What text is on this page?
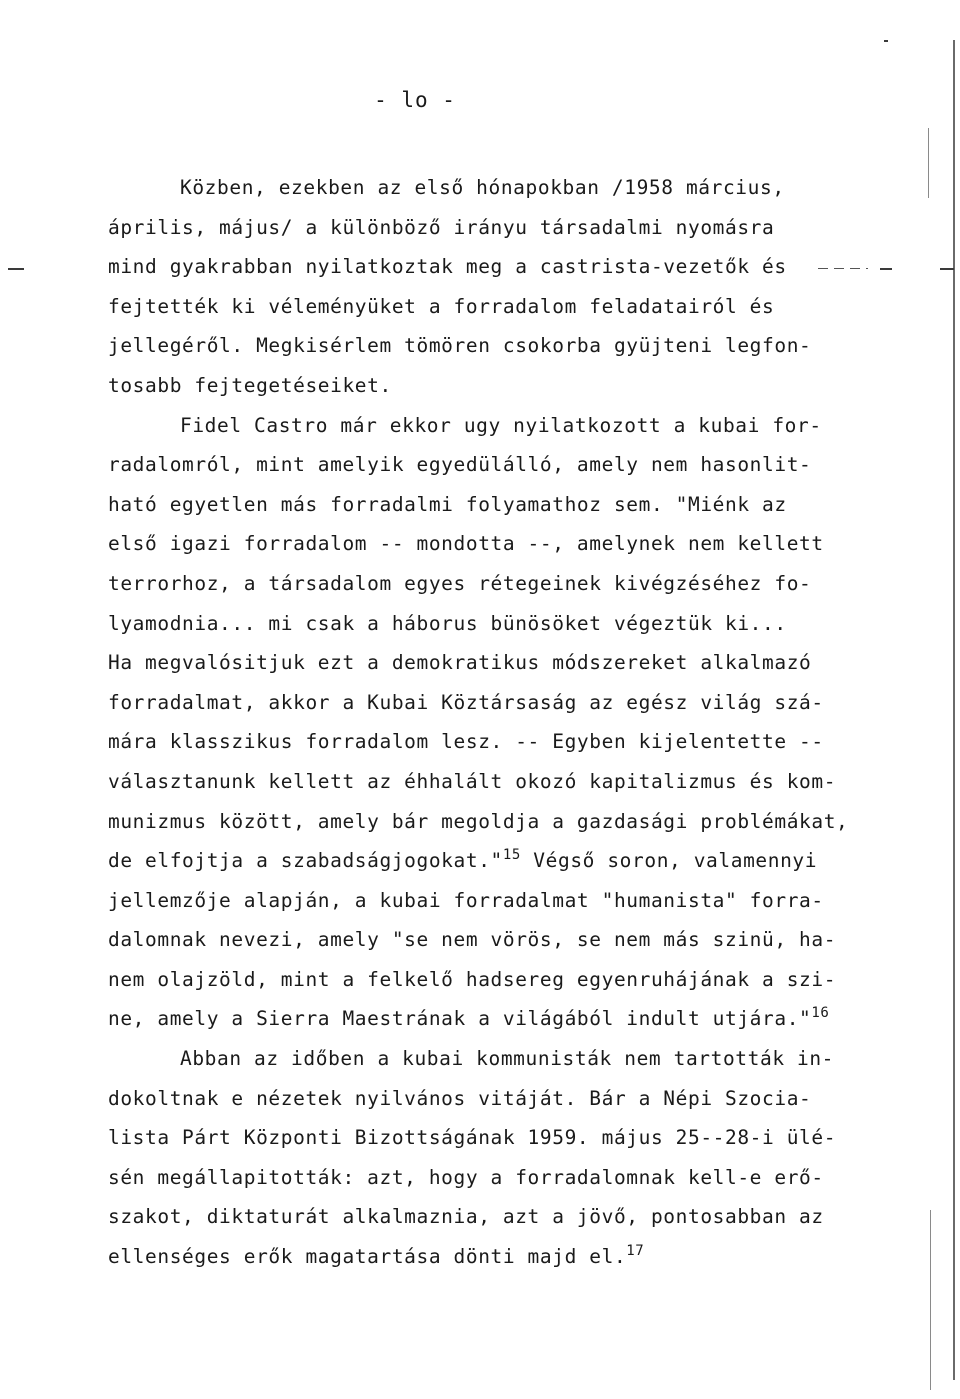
- lo -
Közben, ezekben az első hónapokban /1958 március,
április, május/ a különböző irányu társadalmi nyomásra
mind gyakrabban nyilatkoztak meg a castrista-vezetők és
fejtették ki véleményüket a forradalom feladatairól és
jellegéről. Megkisérlem tömören csokorba gyüjteni legfon-
tosabb fejtegetéseiket.
Fidel Castro már ekkor ugy nyilatkozott a kubai for-
radalomról, mint amelyik egyedülálló, amely nem hasonlit-
ható egyetlen más forradalmi folyamathoz sem. "Miénk az
első igazi forradalom -- mondotta --, amelynek nem kellett
terrorhoz, a társadalom egyes rétegeinek kivégzéséhez fo-
lyamodnia... mi csak a háborus bünösöket végeztük ki...
Ha megvalósitjuk ezt a demokratikus módszereket alkalmazó
forradalmat, akkor a Kubai Köztársaság az egész világ szá-
mára klasszikus forradalom lesz. -- Egyben kijelentette --
választanunk kellett az éhhalált okozó kapitalizmus és kom-
munizmus között, amely bár megoldja a gazdasági problémákat,
de elfojtja a szabadságjogokat."$^{15}$ Végső soron, valamennyi
jellemzője alapján, a kubai forradalmat "humanista" forra-
dalomnak nevezi, amely "se nem vörös, se nem más szinü, ha-
nem olajzöld, mint a felkelő hadsereg egyenruhájának a szi-
ne, amely a Sierra Maestrának a világából indult utjára."$^{16}$
Abban az időben a kubai kommunisták nem tartották in-
dokoltnak e nézetek nyilvános vitáját. Bár a Népi Szocia-
lista Párt Központi Bizottságának 1959. május 25--28-i ülé-
sén megállapitották: azt, hogy a forradalomnak kell-e erő-
szakot, diktaturát alkalmaznia, azt a jövő, pontosabban az
ellenséges erők magatartása dönti majd el.$^{17}$
